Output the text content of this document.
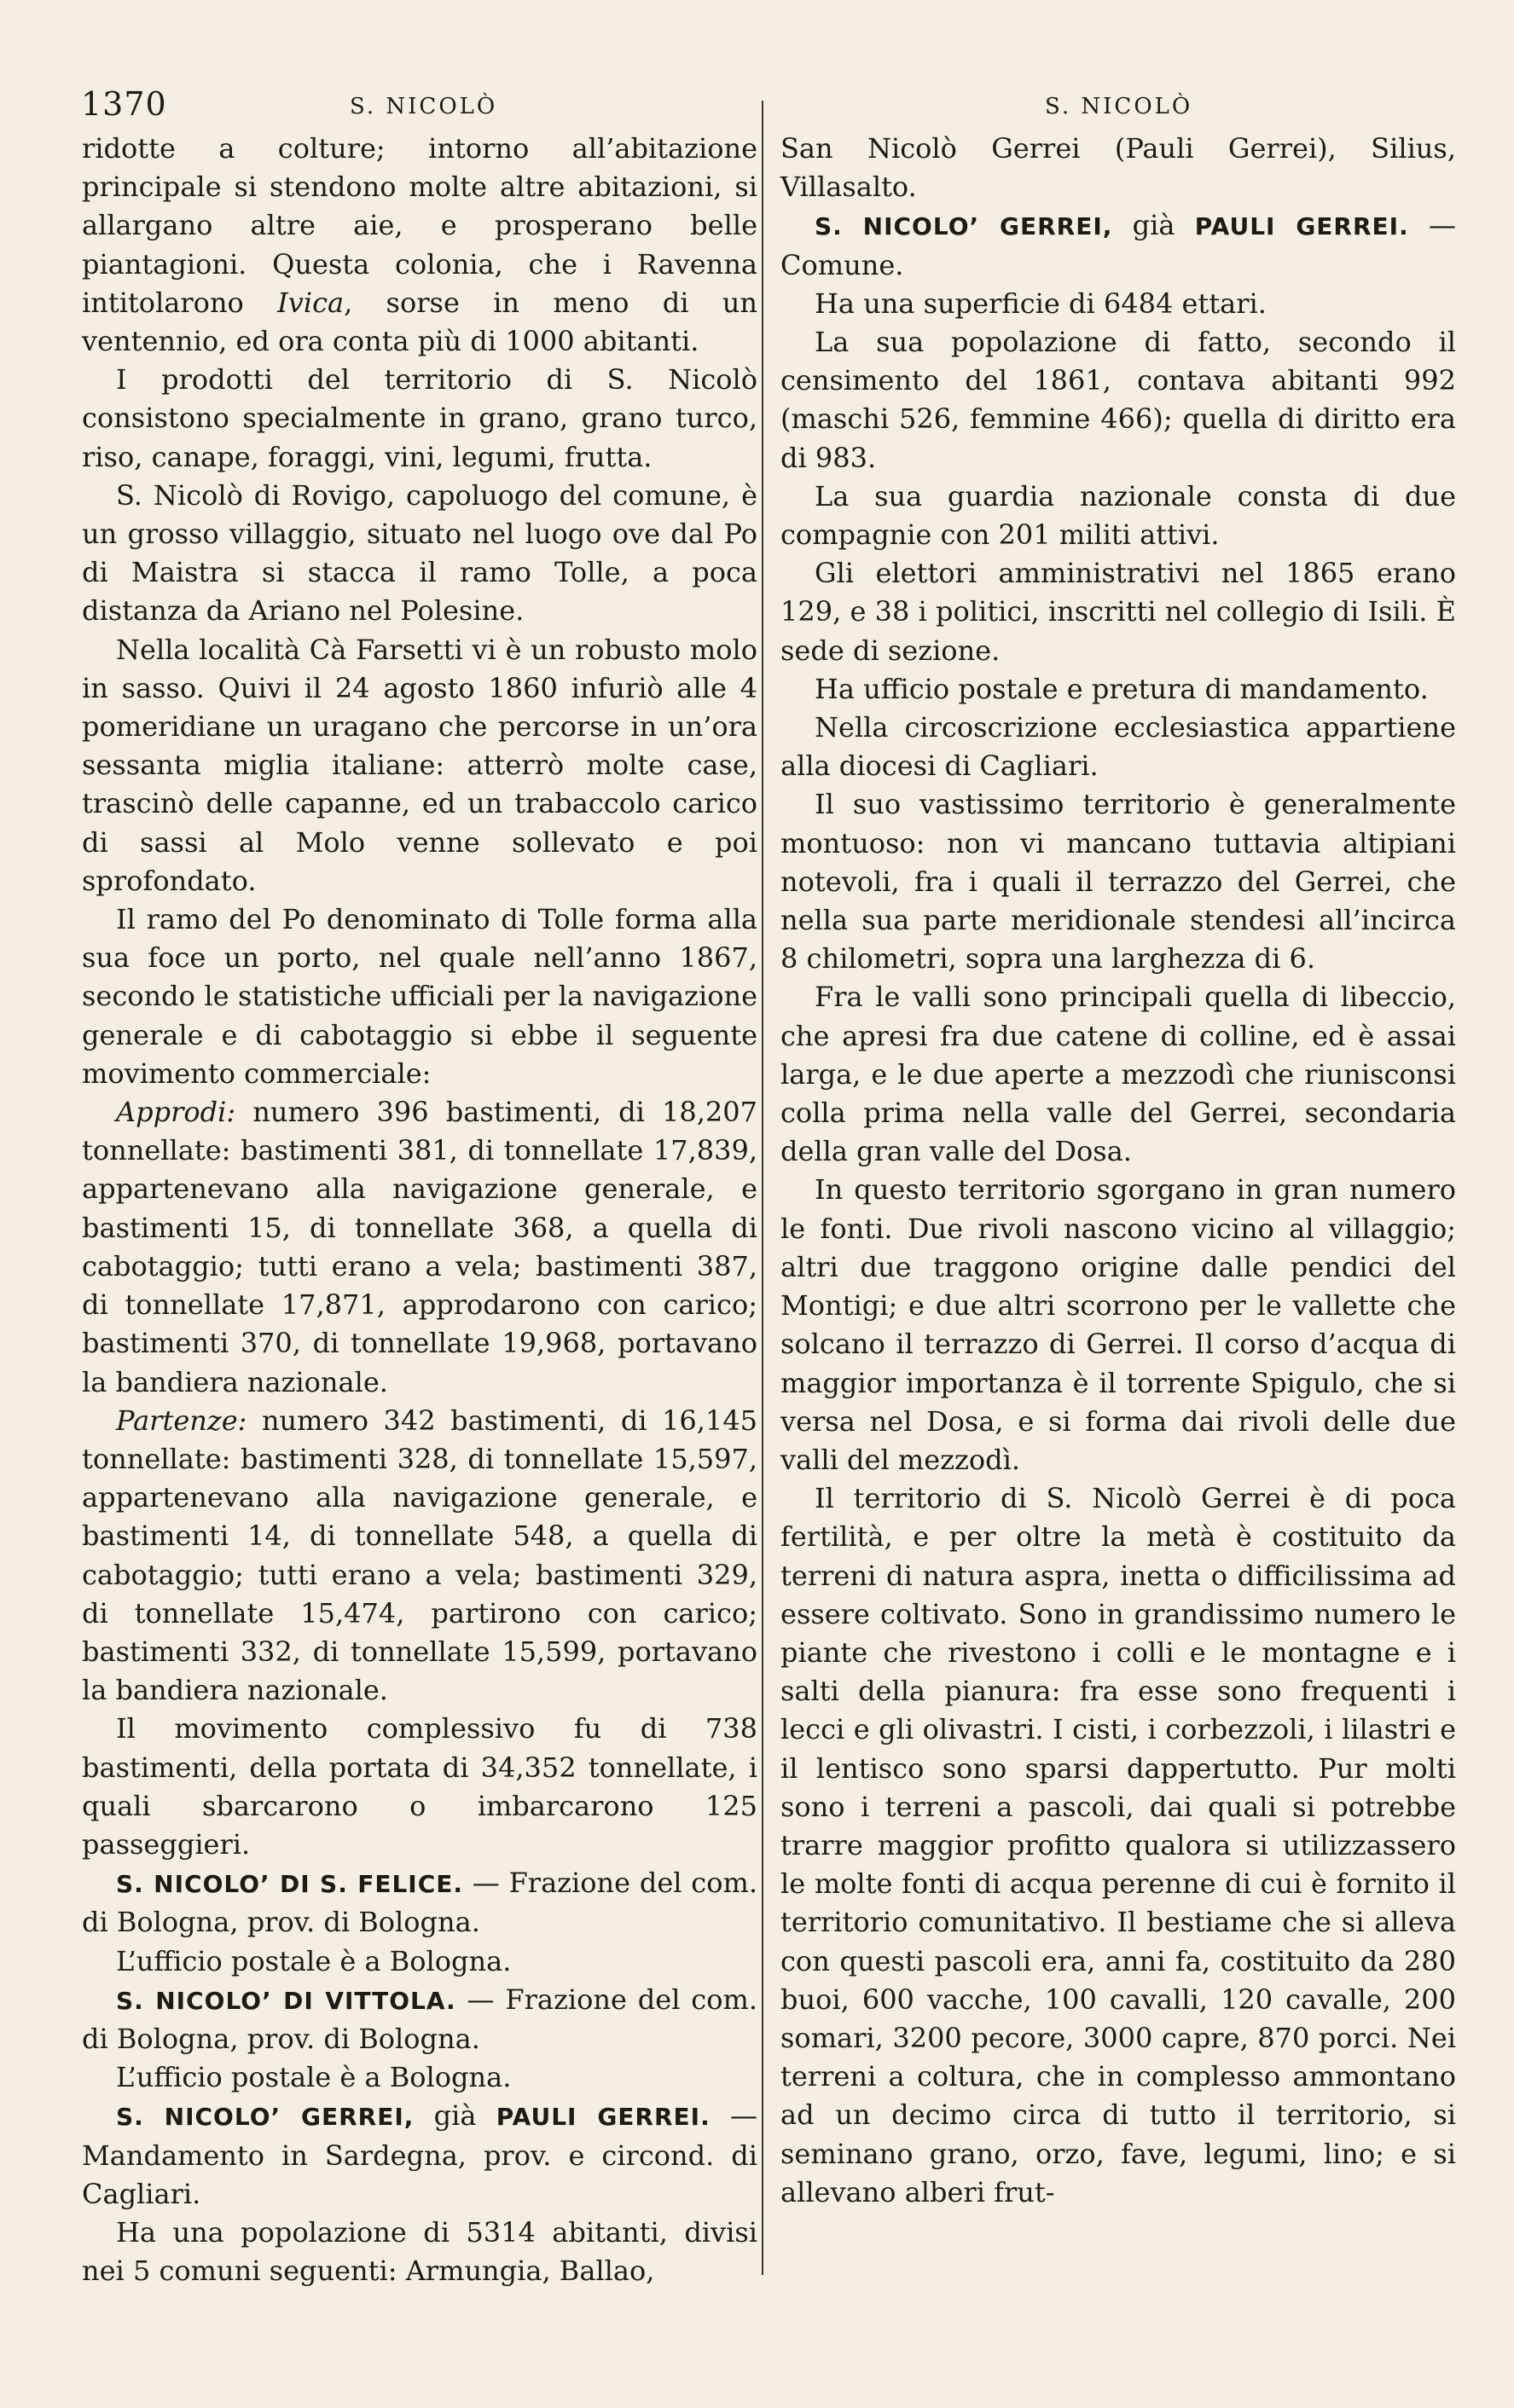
1370	S. NICOLÒ	S. NICOLÒ

ridotte a colture; intorno all’abitazione principale si stendono molte altre abitazioni, si allargano altre aie, e prosperano belle piantagioni. Questa colonia, che i Ravenna intitolarono Ivica, sorse in meno di un ventennio, ed ora conta più di 1000 abitanti.

I prodotti del territorio di S. Nicolò consistono specialmente in grano, grano turco, riso, canape, foraggi, vini, legumi, frutta.

S. Nicolò di Rovigo, capoluogo del comune, è un grosso villaggio, situato nel luogo ove dal Po di Maistra si stacca il ramo Tolle, a poca distanza da Ariano nel Polesine.

Nella località Cà Farsetti vi è un robusto molo in sasso. Quivi il 24 agosto 1860 infuriò alle 4 pomeridiane un uragano che percorse in un’ora sessanta miglia italiane: atterrò molte case, trascinò delle capanne, ed un trabaccolo carico di sassi al Molo venne sollevato e poi sprofondato.

Il ramo del Po denominato di Tolle forma alla sua foce un porto, nel quale nell’anno 1867, secondo le statistiche ufficiali per la navigazione generale e di cabotaggio si ebbe il seguente movimento commerciale:

Approdi: numero 396 bastimenti, di 18,207 tonnellate: bastimenti 381, di tonnellate 17,839, appartenevano alla navigazione generale, e bastimenti 15, di tonnellate 368, a quella di cabotaggio; tutti erano a vela; bastimenti 387, di tonnellate 17,871, approdarono con carico; bastimenti 370, di tonnellate 19,968, portavano la bandiera nazionale.

Partenze: numero 342 bastimenti, di 16,145 tonnellate: bastimenti 328, di tonnellate 15,597, appartenevano alla navigazione generale, e bastimenti 14, di tonnellate 548, a quella di cabotaggio; tutti erano a vela; bastimenti 329, di tonnellate 15,474, partirono con carico; bastimenti 332, di tonnellate 15,599, portavano la bandiera nazionale.

Il movimento complessivo fu di 738 bastimenti, della portata di 34,352 tonnellate, i quali sbarcarono o imbarcarono 125 passeggieri.

S. NICOLO’ DI S. FELICE. — Frazione del com. di Bologna, prov. di Bologna.

L’ufficio postale è a Bologna.

S. NICOLO’ DI VITTOLA. — Frazione del com. di Bologna, prov. di Bologna.

L’ufficio postale è a Bologna.

S. NICOLO’ GERREI, già PAULI GERREI. — Mandamento in Sardegna, prov. e circond. di Cagliari.

Ha una popolazione di 5314 abitanti, divisi nei 5 comuni seguenti: Armungia, Ballao,

San Nicolò Gerrei (Pauli Gerrei), Silius, Villasalto.

S. NICOLO’ GERREI, già PAULI GERREI. — Comune.

Ha una superficie di 6484 ettari.

La sua popolazione di fatto, secondo il censimento del 1861, contava abitanti 992 (maschi 526, femmine 466); quella di diritto era di 983.

La sua guardia nazionale consta di due compagnie con 201 militi attivi.

Gli elettori amministrativi nel 1865 erano 129, e 38 i politici, inscritti nel collegio di Isili. È sede di sezione.

Ha ufficio postale e pretura di mandamento.

Nella circoscrizione ecclesiastica appartiene alla diocesi di Cagliari.

Il suo vastissimo territorio è generalmente montuoso: non vi mancano tuttavia altipiani notevoli, fra i quali il terrazzo del Gerrei, che nella sua parte meridionale stendesi all’incirca 8 chilometri, sopra una larghezza di 6.

Fra le valli sono principali quella di libeccio, che apresi fra due catene di colline, ed è assai larga, e le due aperte a mezzodì che riunisconsi colla prima nella valle del Gerrei, secondaria della gran valle del Dosa.

In questo territorio sgorgano in gran numero le fonti. Due rivoli nascono vicino al villaggio; altri due traggono origine dalle pendici del Montigi; e due altri scorrono per le vallette che solcano il terrazzo di Gerrei. Il corso d’acqua di maggior importanza è il torrente Spigulo, che si versa nel Dosa, e si forma dai rivoli delle due valli del mezzodì.

Il territorio di S. Nicolò Gerrei è di poca fertilità, e per oltre la metà è costituito da terreni di natura aspra, inetta o difficilissima ad essere coltivato. Sono in grandissimo numero le piante che rivestono i colli e le montagne e i salti della pianura: fra esse sono frequenti i lecci e gli olivastri. I cisti, i corbezzoli, i lilastri e il lentisco sono sparsi dappertutto. Pur molti sono i terreni a pascoli, dai quali si potrebbe trarre maggior profitto qualora si utilizzassero le molte fonti di acqua perenne di cui è fornito il territorio comunitativo. Il bestiame che si alleva con questi pascoli era, anni fa, costituito da 280 buoi, 600 vacche, 100 cavalli, 120 cavalle, 200 somari, 3200 pecore, 3000 capre, 870 porci. Nei terreni a coltura, che in complesso ammontano ad un decimo circa di tutto il territorio, si seminano grano, orzo, fave, legumi, lino; e si allevano alberi frut-
